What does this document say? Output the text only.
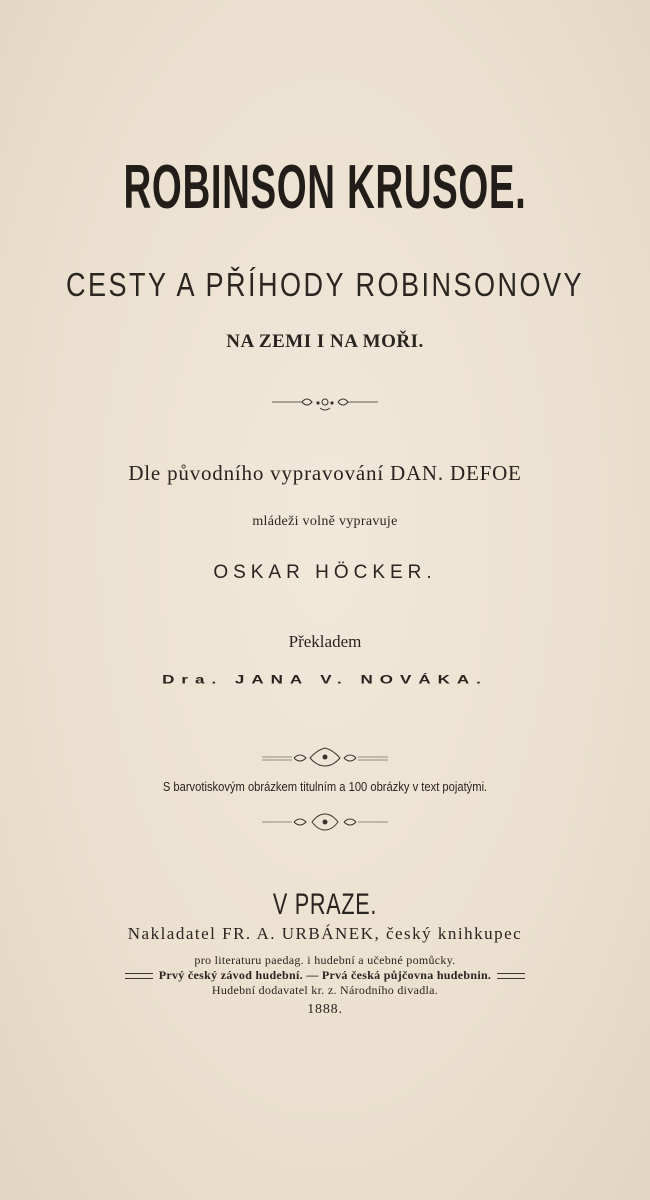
ROBINSON KRUSOE.
CESTY A PŘÍHODY ROBINSONOVY
NA ZEMI I NA MOŘI.
Dle původního vypravování DAN. DEFOE
mládeži volně vypravuje
OSKAR HÖCKER.
Překladem
Dra. JANA V. NOVÁKA.
S barvotiskovým obrázkem titulním a 100 obrázky v text pojatými.
V PRAZE.
Nakladatel FR. A. URBÁNEK, český knihkupec
pro literaturu paedag. i hudební a učebné pomůcky.
Prvý český závod hudební. — Prvá česká půjčovna hudebnin.
Hudební dodavatel kr. z. Národního divadla.
1888.
